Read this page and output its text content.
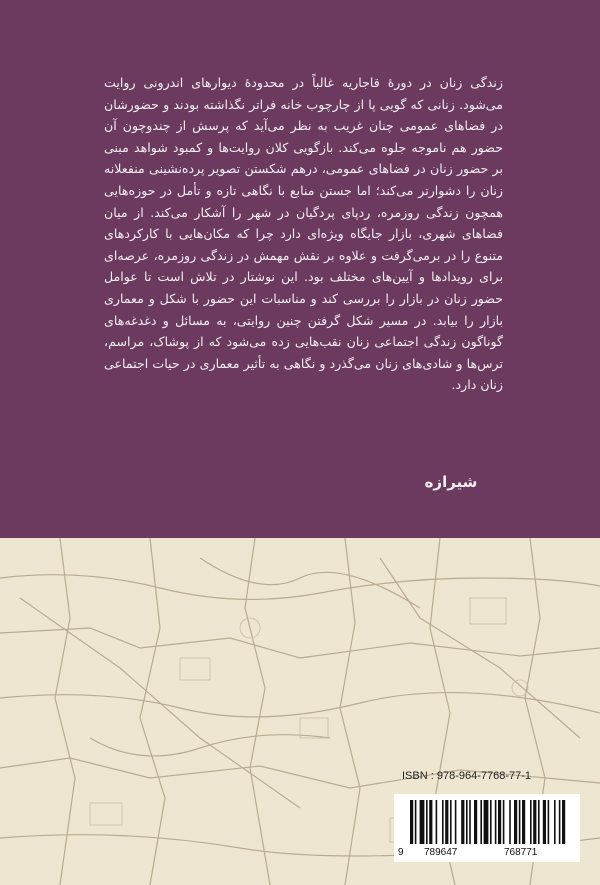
زندگی زنان در دورهٔ قاجاریه غالباً در محدودهٔ دیوارهای اندرونی روایت می‌شود. زنانی که گویی پا از چارچوب خانه فراتر نگذاشته بودند و حضورشان در فضاهای عمومی چنان غریب به نظر می‌آید که پرسش از چندوچون آن حضور هم ناموجه جلوه می‌کند. بازگویی کلان روایت‌ها و کمبود شواهد مبنی بر حضور زنان در فضاهای عمومی، درهم شکستن تصویر پرده‌نشینی منفعلانه زنان را دشوارتر می‌کند؛ اما جستن منابع با نگاهی تازه و تأمل در حوزه‌هایی همچون زندگی روزمره، ردپای پردگیان در شهر را آشکار می‌کند. از میان فضاهای شهری، بازار جایگاه ویژه‌ای دارد چرا که مکان‌هایی با کارکردهای متنوع را در برمی‌گرفت و علاوه بر نقش مهمش در زندگی روزمره، عرصه‌ای برای رویدادها و آیین‌های مختلف بود. این نوشتار در تلاش است تا عوامل حضور زنان در بازار را بررسی کند و مناسبات این حضور با شکل و معماری بازار را بیابد. در مسیر شکل گرفتن چنین روایتی، به مسائل و دغدغه‌های گوناگون زندگی اجتماعی زنان نقب‌هایی زده می‌شود که از پوشاک، مراسم، ترس‌ها و شادی‌های زنان می‌گذرد و نگاهی به تأثیر معماری در حیات اجتماعی زنان دارد.
شیرازه
ISBN : 978-964-7768-77-1
9 789647	768771
